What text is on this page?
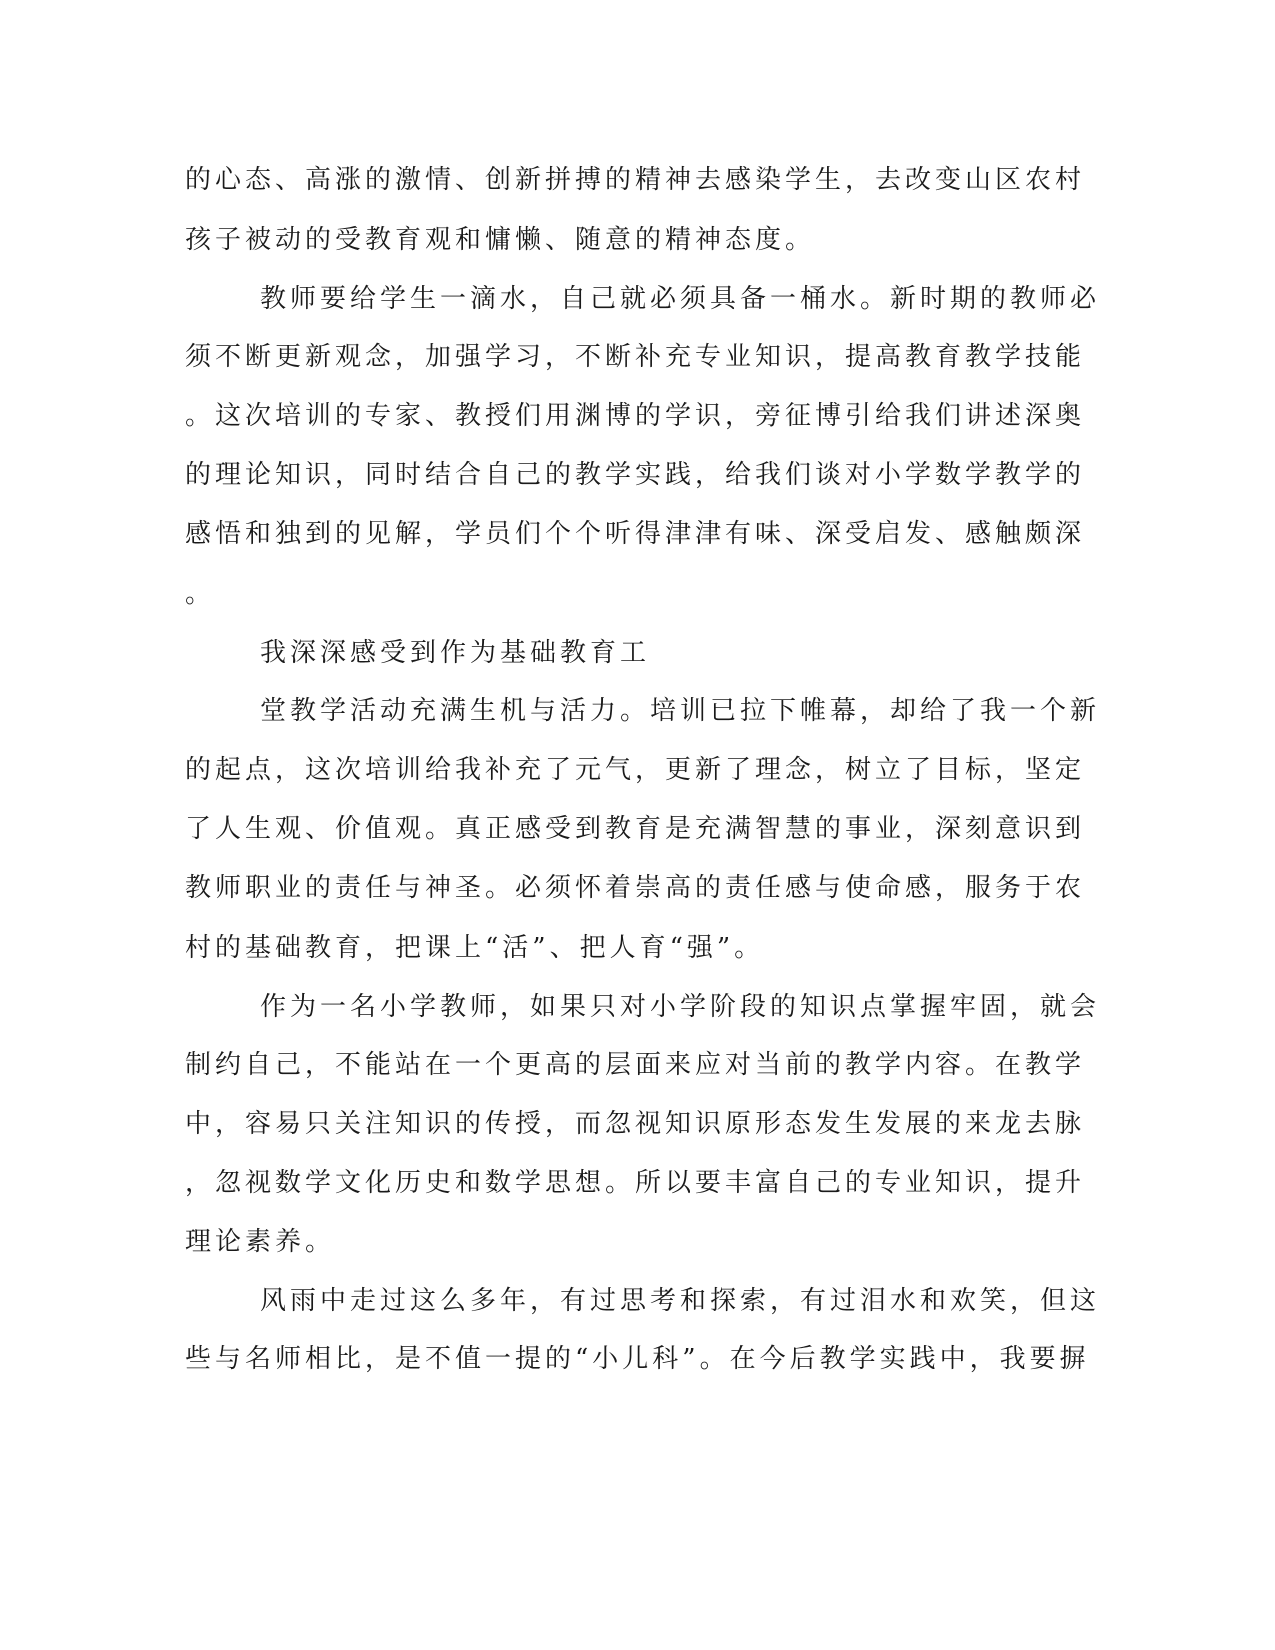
的心态、高涨的激情、创新拼搏的精神去感染学生，去改变山区农村
孩子被动的受教育观和慵懒、随意的精神态度。
教师要给学生一滴水，自己就必须具备一桶水。新时期的教师必
须不断更新观念，加强学习，不断补充专业知识，提高教育教学技能
。这次培训的专家、教授们用渊博的学识，旁征博引给我们讲述深奥
的理论知识，同时结合自己的教学实践，给我们谈对小学数学教学的
感悟和独到的见解，学员们个个听得津津有味、深受启发、感触颇深
。
我深深感受到作为基础教育工
堂教学活动充满生机与活力。培训已拉下帷幕，却给了我一个新
的起点，这次培训给我补充了元气，更新了理念，树立了目标，坚定
了人生观、价值观。真正感受到教育是充满智慧的事业，深刻意识到
教师职业的责任与神圣。必须怀着崇高的责任感与使命感，服务于农
村的基础教育，把课上“活”、把人育“强”。
作为一名小学教师，如果只对小学阶段的知识点掌握牢固，就会
制约自己，不能站在一个更高的层面来应对当前的教学内容。在教学
中，容易只关注知识的传授，而忽视知识原形态发生发展的来龙去脉
，忽视数学文化历史和数学思想。所以要丰富自己的专业知识，提升
理论素养。
风雨中走过这么多年，有过思考和探索，有过泪水和欢笑，但这
些与名师相比，是不值一提的“小儿科”。在今后教学实践中，我要摒
